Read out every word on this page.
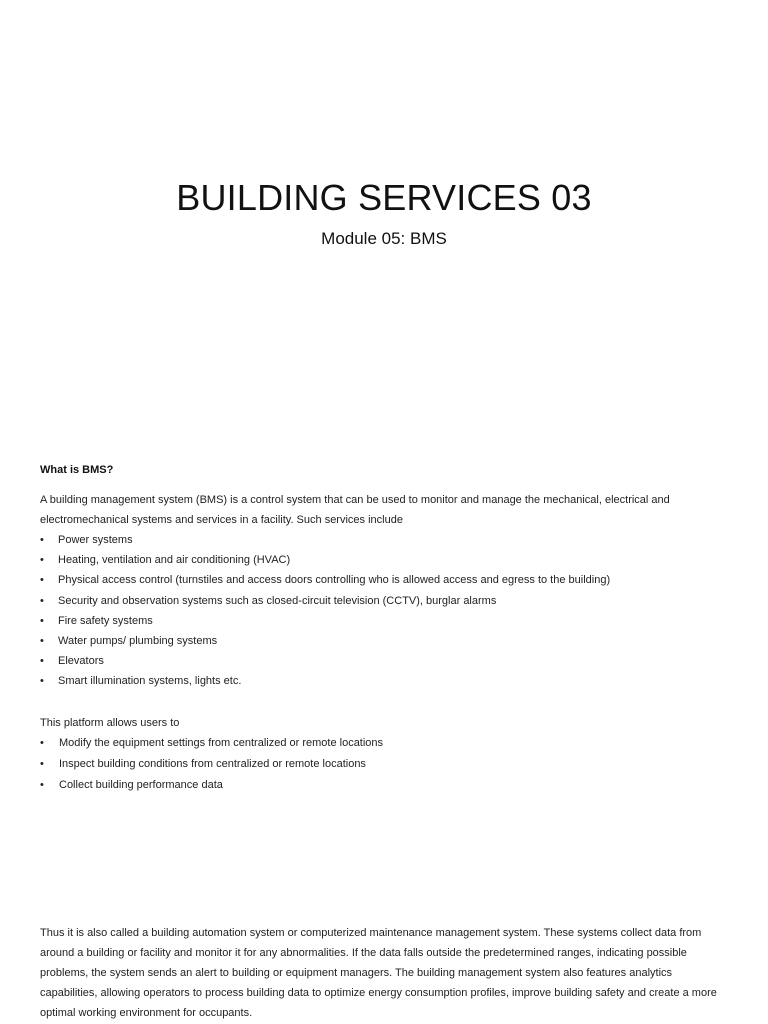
BUILDING SERVICES 03
Module 05: BMS
What is BMS?
A building management system (BMS) is a control system that can be used to monitor and manage the mechanical, electrical and electromechanical systems and services in a facility. Such services include
• Power systems
• Heating, ventilation and air conditioning (HVAC)
• Physical access control (turnstiles and access doors controlling who is allowed access and egress to the building)
• Security and observation systems such as closed-circuit television (CCTV), burglar alarms
• Fire safety systems
• Water pumps/ plumbing systems
• Elevators
• Smart illumination systems, lights etc.
This platform allows users to
• Modify the equipment settings from centralized or remote locations
• Inspect building conditions from centralized or remote locations
• Collect building performance data
Thus it is also called a building automation system or computerized maintenance management system. These systems collect data from around a building or facility and monitor it for any abnormalities. If the data falls outside the predetermined ranges, indicating possible problems, the system sends an alert to building or equipment managers. The building management system also features analytics capabilities, allowing operators to process building data to optimize energy consumption profiles, improve building safety and create a more optimal working environment for occupants.
